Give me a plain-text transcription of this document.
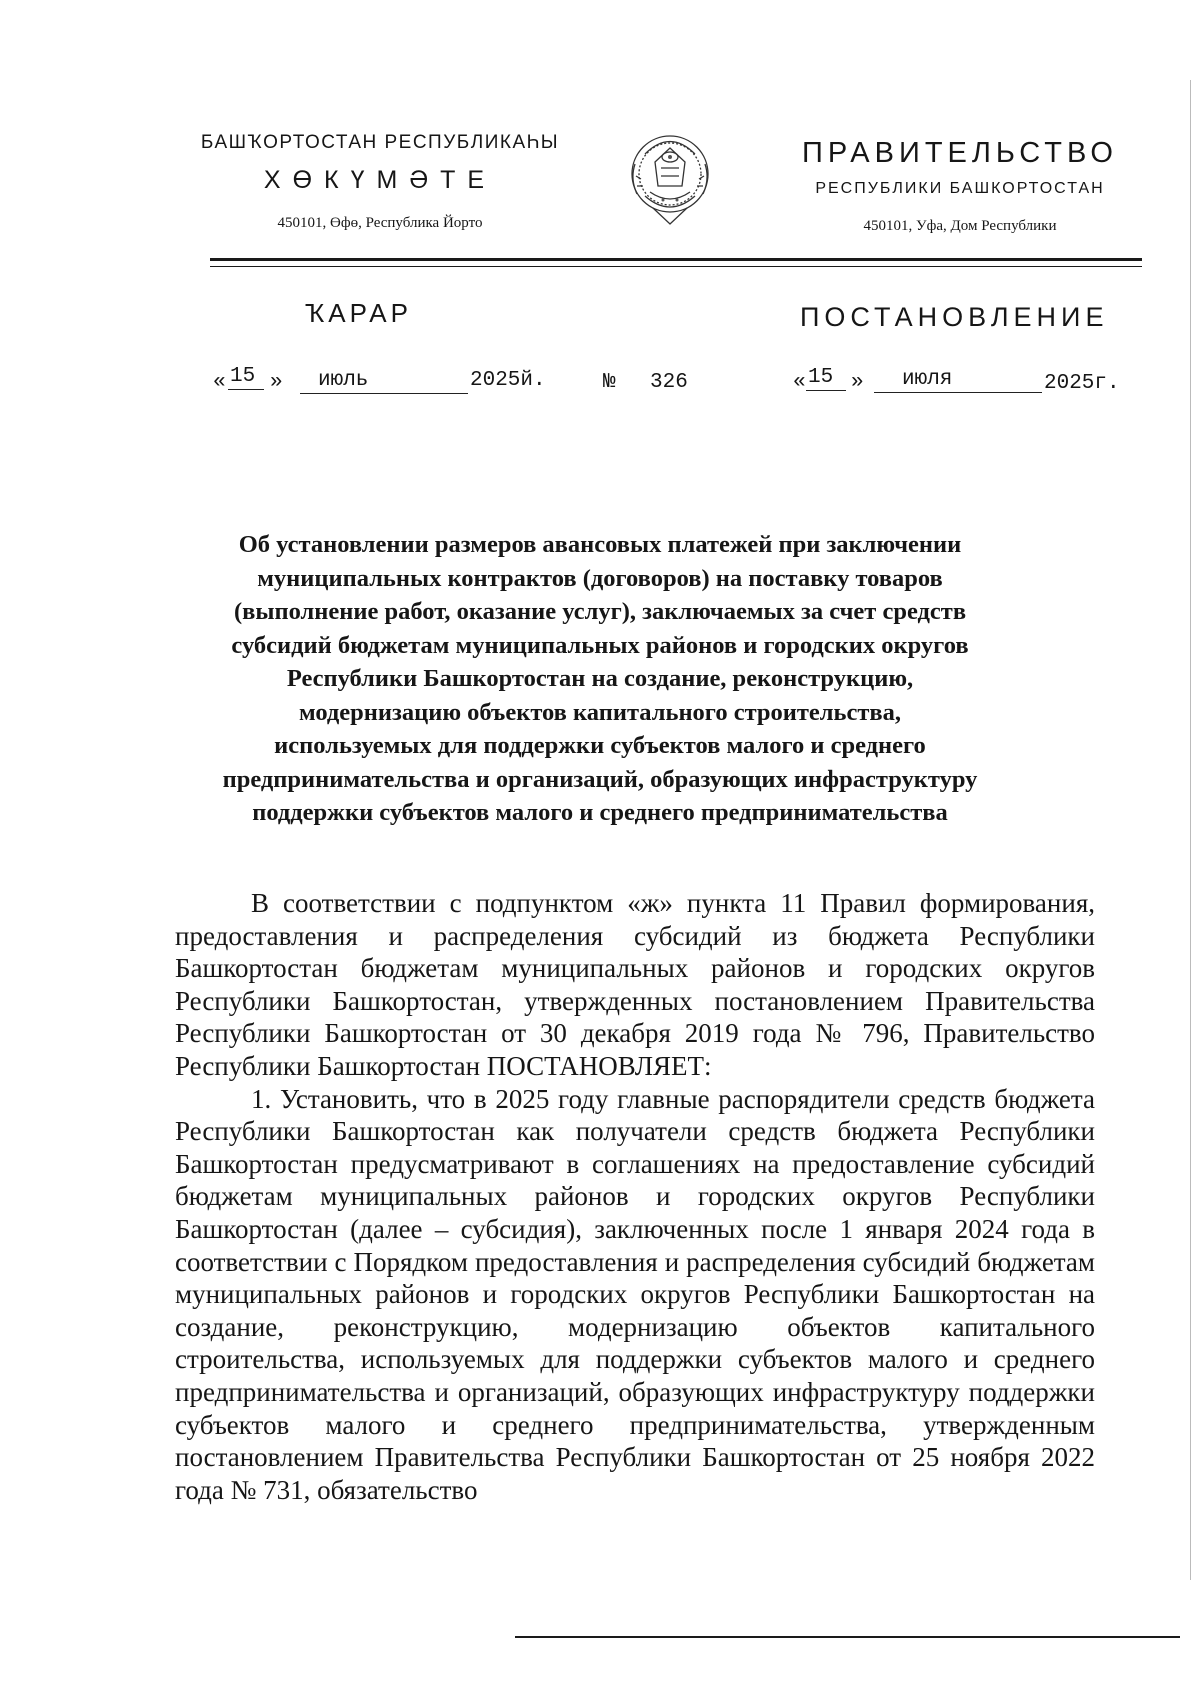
БАШҠОРТОСТАН РЕСПУБЛИКАҺЫ
ХӨКҮМӘТЕ
450101, Өфө, Республика Йорто
ПРАВИТЕЛЬСТВО
РЕСПУБЛИКИ БАШКОРТОСТАН
450101, Уфа, Дом Республики
ҠАРАР	ПОСТАНОВЛЕНИЕ
« 15 » июль	2025й.	№ 326	« 15 » июля	2025г.
Об установлении размеров авансовых платежей при заключении
муниципальных контрактов (договоров) на поставку товаров
(выполнение работ, оказание услуг), заключаемых за счет средств
субсидий бюджетам муниципальных районов и городских округов
Республики Башкортостан на создание, реконструкцию,
модернизацию объектов капитального строительства,
используемых для поддержки субъектов малого и среднего
предпринимательства и организаций, образующих инфраструктуру
поддержки субъектов малого и среднего предпринимательства

В соответствии с подпунктом «ж» пункта 11 Правил формирования, предоставления и распределения субсидий из бюджета Республики Башкортостан бюджетам муниципальных районов и городских округов Республики Башкортостан, утвержденных постановлением Правительства Республики Башкортостан от 30 декабря 2019 года № 796, Правительство Республики Башкортостан ПОСТАНОВЛЯЕТ:

1. Установить, что в 2025 году главные распорядители средств бюджета Республики Башкортостан как получатели средств бюджета Республики Башкортостан предусматривают в соглашениях на предоставление субсидий бюджетам муниципальных районов и городских округов Республики Башкортостан (далее – субсидия), заключенных после 1 января 2024 года в соответствии с Порядком предоставления и распределения субсидий бюджетам муниципальных районов и городских округов Республики Башкортостан на создание, реконструкцию, модернизацию объектов капитального строительства, используемых для поддержки субъектов малого и среднего предпринимательства и организаций, образующих инфраструктуру поддержки субъектов малого и среднего предпринимательства, утвержденным постановлением Правительства Республики Башкортостан от 25 ноября 2022 года № 731, обязательство
